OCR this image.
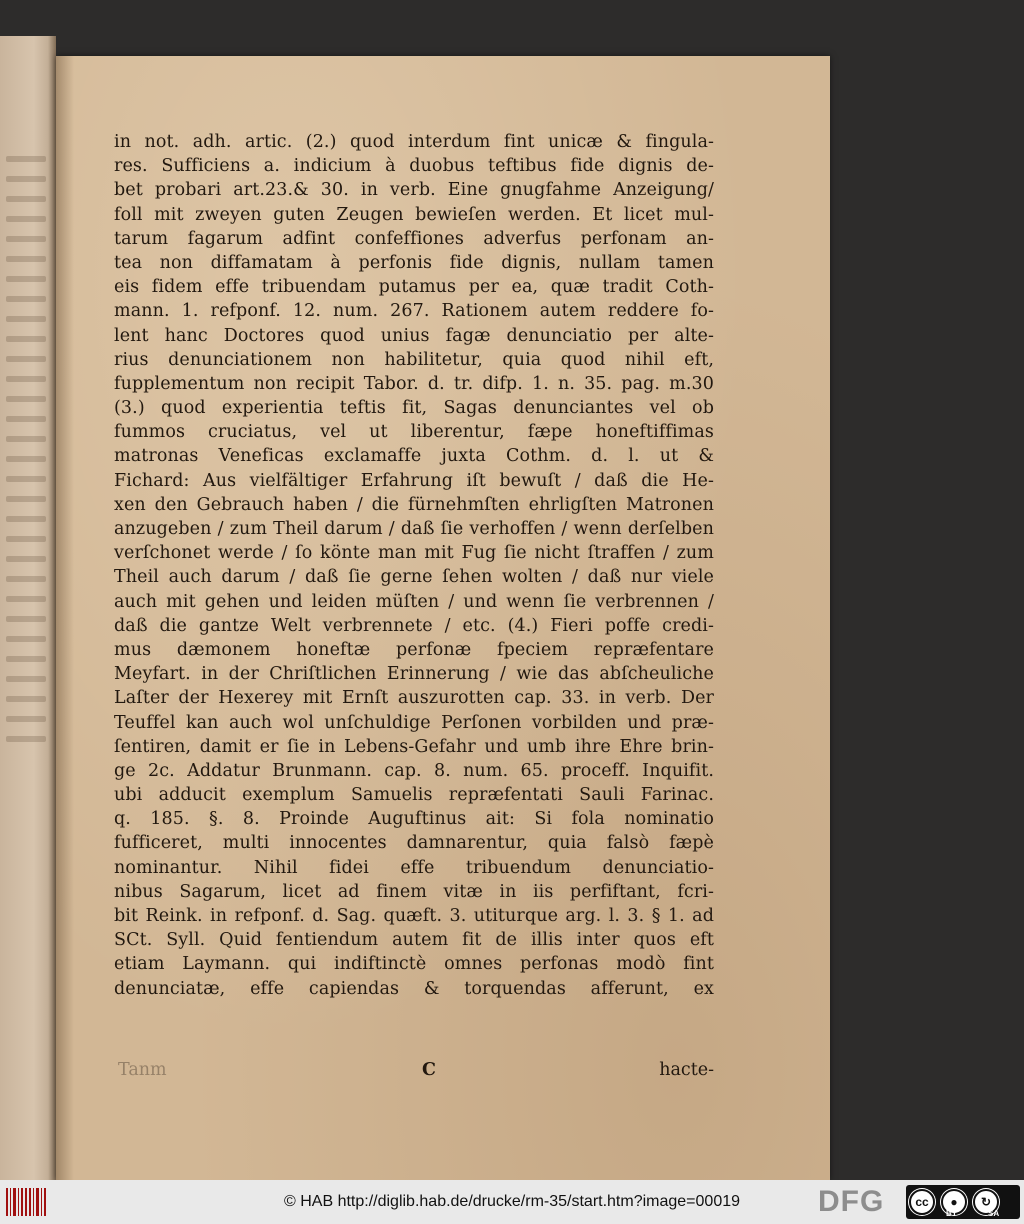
in not. adh. artic. (2.) quod interdum fint unicæ & fingula-
res. Sufficiens a. indicium à duobus teftibus fide dignis de-
bet probari art.23.& 30. in verb. Eine gnugfahme Anzeigung/
foll mit zweyen guten Zeugen bewieſen werden. Et licet mul-
tarum fagarum adfint confeffiones adverfus perfonam an-
tea non diffamatam à perfonis fide dignis, nullam tamen
eis fidem effe tribuendam putamus per ea, quæ tradit Coth-
mann. 1. refponf. 12. num. 267. Rationem autem reddere fo-
lent hanc Doctores quod unius fagæ denunciatio per alte-
rius denunciationem non habilitetur, quia quod nihil eft,
fupplementum non recipit Tabor. d. tr. difp. 1. n. 35. pag. m.30
(3.) quod experientia teftis fit, Sagas denunciantes vel ob
fummos cruciatus, vel ut liberentur, fæpe honeftiffimas
matronas Veneficas exclamaffe juxta Cothm. d. l. ut &
Fichard: Aus vielfältiger Erfahrung iſt bewuſt / daß die He-
xen den Gebrauch haben / die fürnehmſten ehrligſten Matronen
anzugeben / zum Theil darum / daß ſie verhoffen / wenn derſelben
verſchonet werde / ſo könte man mit Fug ſie nicht ſtraffen / zum
Theil auch darum / daß ſie gerne ſehen wolten / daß nur viele
auch mit gehen und leiden müſten / und wenn ſie verbrennen /
daß die gantze Welt verbrennete / etc. (4.) Fieri poffe credi-
mus dæmonem honeftæ perfonæ fpeciem repræfentare
Meyfart. in der Chriſtlichen Erinnerung / wie das abſcheuliche
Laſter der Hexerey mit Ernſt auszurotten cap. 33. in verb. Der
Teuffel kan auch wol unſchuldige Perſonen vorbilden und præ-
ſentiren, damit er ſie in Lebens-Gefahr und umb ihre Ehre brin-
ge 2c. Addatur Brunmann. cap. 8. num. 65. proceff. Inquifit.
ubi adducit exemplum Samuelis repræfentati Sauli Farinac.
q. 185. §. 8. Proinde Auguftinus ait: Si fola nominatio
fufficeret, multi innocentes damnarentur, quia falsò fæpè
nominantur. Nihil fidei effe tribuendum denunciatio-
nibus Sagarum, licet ad finem vitæ in iis perfiftant, fcri-
bit Reink. in refponf. d. Sag. quæft. 3. utiturque arg. l. 3. § 1. ad
SCt. Syll. Quid fentiendum autem fit de illis inter quos eft
etiam Laymann. qui indiftinctè omnes perfonas modò fint
denunciatæ, effe capiendas & torquendas afferunt, ex
Tanm	C	hacte-
© HAB http://diglib.hab.de/drucke/rm-35/start.htm?image=00019	DFG	cc	●	↻
BY	SA
